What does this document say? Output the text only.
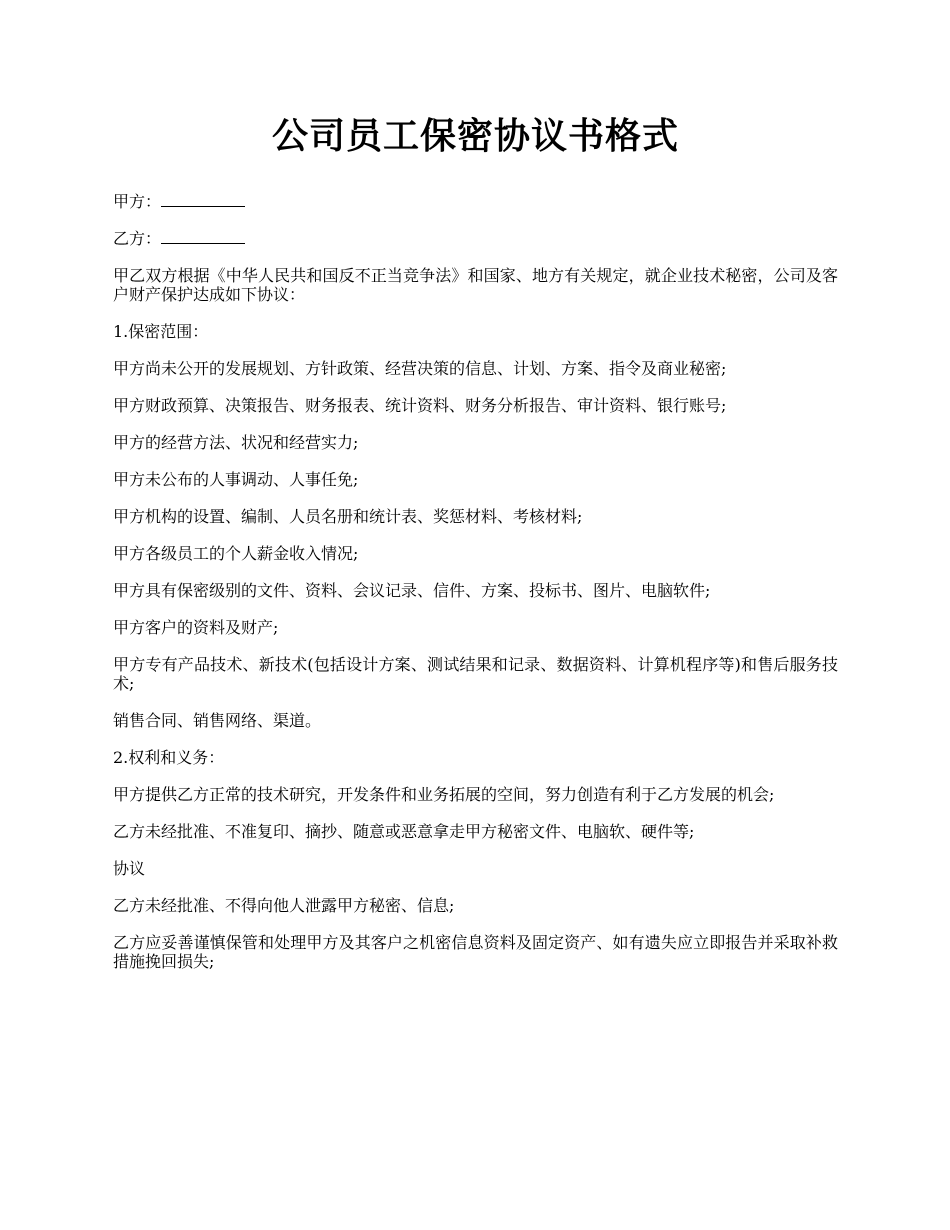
公司员工保密协议书格式

甲方：

乙方：

甲乙双方根据《中华人民共和国反不正当竞争法》和国家、地方有关规定，就企业技术秘密，公司及客户财产保护达成如下协议：

1.保密范围：

甲方尚未公开的发展规划、方针政策、经营决策的信息、计划、方案、指令及商业秘密;

甲方财政预算、决策报告、财务报表、统计资料、财务分析报告、审计资料、银行账号;

甲方的经营方法、状况和经营实力;

甲方未公布的人事调动、人事任免;

甲方机构的设置、编制、人员名册和统计表、奖惩材料、考核材料;

甲方各级员工的个人薪金收入情况;

甲方具有保密级别的文件、资料、会议记录、信件、方案、投标书、图片、电脑软件;

甲方客户的资料及财产;

甲方专有产品技术、新技术(包括设计方案、测试结果和记录、数据资料、计算机程序等)和售后服务技术;

销售合同、销售网络、渠道。

2.权利和义务：

甲方提供乙方正常的技术研究，开发条件和业务拓展的空间，努力创造有利于乙方发展的机会;

乙方未经批准、不准复印、摘抄、随意或恶意拿走甲方秘密文件、电脑软、硬件等;

协议

乙方未经批准、不得向他人泄露甲方秘密、信息;

乙方应妥善谨慎保管和处理甲方及其客户之机密信息资料及固定资产、如有遗失应立即报告并采取补救措施挽回损失;
